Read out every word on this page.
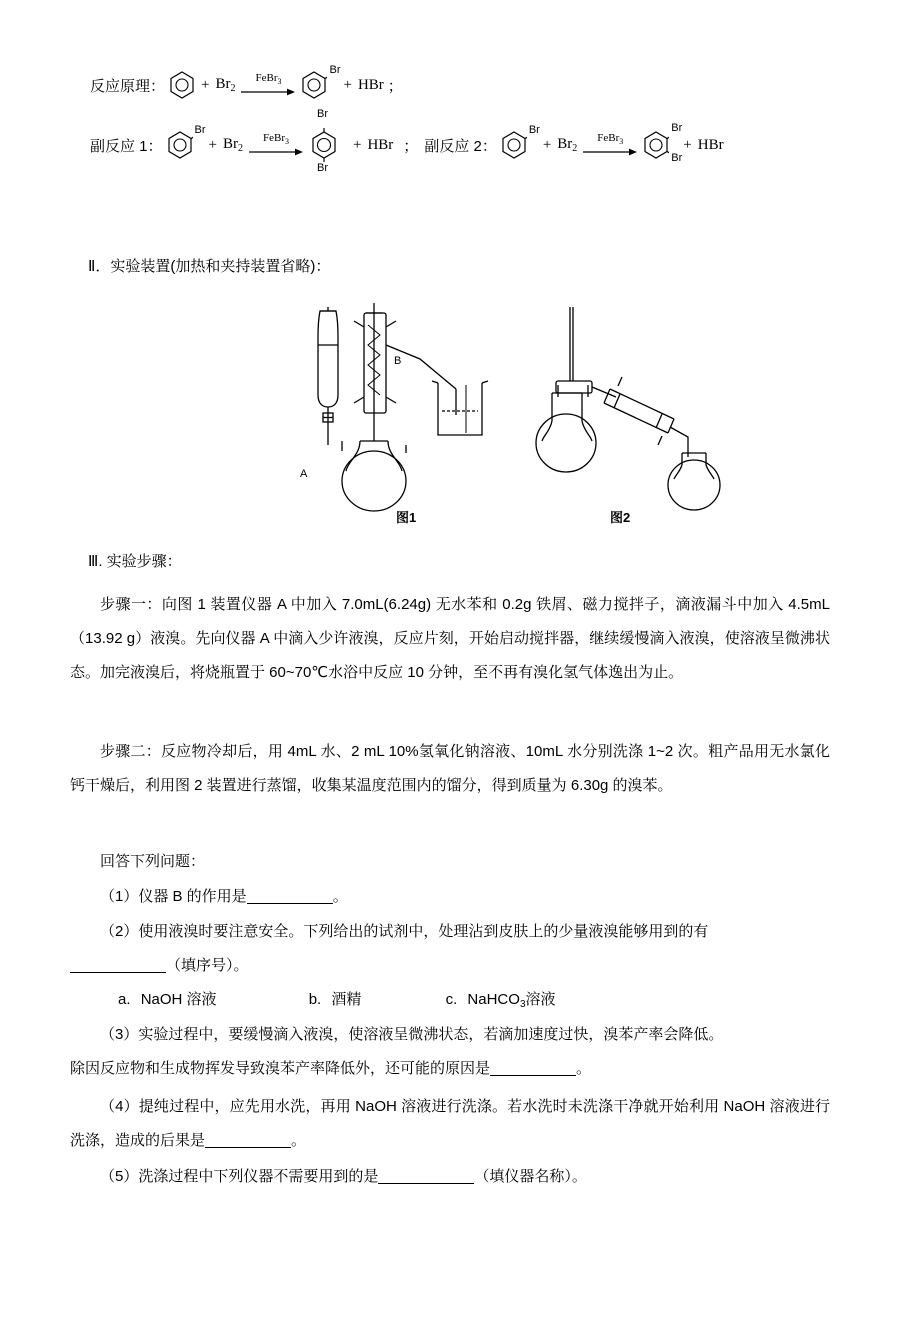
反应原理： + $Br_2$
FeBr$_3$
Br
+ HBr ；
副反应 1：
Br
+ $Br_2$
FeBr$_3$
Br
Br
+ HBr ； 副反应 2：
Br
+ $Br_2$
FeBr$_3$
Br
Br
+ HBr
Ⅱ．实验装置(加热和夹持装置省略)：
A
B
图1	图2
Ⅲ. 实验步骤：
步骤一：向图 1 装置仪器 A 中加入 7.0mL(6.24g) 无水苯和 0.2g 铁屑、磁力搅拌子，滴液漏斗中加入 4.5mL（13.92 g）液溴。先向仪器 A 中滴入少许液溴，反应片刻，开始启动搅拌器，继续缓慢滴入液溴，使溶液呈微沸状态。加完液溴后，将烧瓶置于 60~70℃水浴中反应 10 分钟，至不再有溴化氢气体逸出为止。
步骤二：反应物冷却后，用 4mL 水、2 mL 10%氢氧化钠溶液、10mL 水分别洗涤 1~2 次。粗产品用无水氯化钙干燥后，利用图 2 装置进行蒸馏，收集某温度范围内的馏分，得到质量为 6.30g 的溴苯。
回答下列问题：
（1）仪器 B 的作用是	。
（2）使用液溴时要注意安全。下列给出的试剂中，处理沾到皮肤上的少量液溴能够用到的有
（填序号）。
a. NaOH 溶液	b. 酒精	c. NaHCO$_3$溶液
（3）实验过程中，要缓慢滴入液溴，使溶液呈微沸状态，若滴加速度过快，溴苯产率会降低。
除因反应物和生成物挥发导致溴苯产率降低外，还可能的原因是	。
（4）提纯过程中，应先用水洗，再用 NaOH 溶液进行洗涤。若水洗时未洗涤干净就开始利用 NaOH 溶液进行洗涤，造成的后果是	。
（5）洗涤过程中下列仪器不需要用到的是	（填仪器名称）。
